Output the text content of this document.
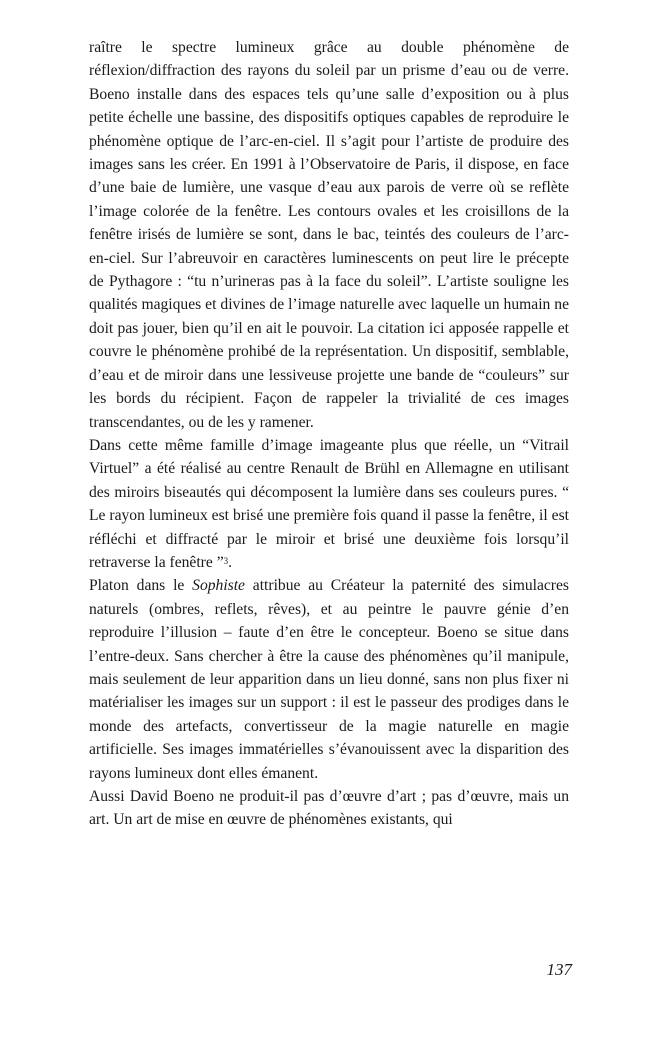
raître le spectre lumineux grâce au double phénomène de réflexion/diffraction des rayons du soleil par un prisme d’eau ou de verre. Boeno installe dans des espaces tels qu’une salle d’exposition ou à plus petite échelle une bassine, des dispositifs optiques capables de reproduire le phénomène optique de l’arc-en-ciel. Il s’agit pour l’artiste de produire des images sans les créer. En 1991 à l’Observatoire de Paris, il dispose, en face d’une baie de lumière, une vasque d’eau aux parois de verre où se reflète l’image colorée de la fenêtre. Les contours ovales et les croisillons de la fenêtre irisés de lumière se sont, dans le bac, teintés des couleurs de l’arc-en-ciel. Sur l’abreuvoir en caractères luminescents on peut lire le précepte de Pythagore : “tu n’urineras pas à la face du soleil”. L’artiste souligne les qualités magiques et divines de l’image naturelle avec laquelle un humain ne doit pas jouer, bien qu’il en ait le pouvoir. La citation ici apposée rappelle et couvre le phénomène prohibé de la représentation. Un dispositif, semblable, d’eau et de miroir dans une lessiveuse projette une bande de “couleurs” sur les bords du récipient. Façon de rappeler la trivialité de ces images transcendantes, ou de les y ramener.

Dans cette même famille d’image imageante plus que réelle, un “Vitrail Virtuel” a été réalisé au centre Renault de Brühl en Allemagne en utilisant des miroirs biseautés qui décomposent la lumière dans ses couleurs pures. “ Le rayon lumineux est brisé une première fois quand il passe la fenêtre, il est réfléchi et diffracté par le miroir et brisé une deuxième fois lorsqu’il retraverse la fenêtre ”$^3$.

Platon dans le Sophiste attribue au Créateur la paternité des simulacres naturels (ombres, reflets, rêves), et au peintre le pauvre génie d’en reproduire l’illusion – faute d’en être le concepteur. Boeno se situe dans l’entre-deux. Sans chercher à être la cause des phénomènes qu’il manipule, mais seulement de leur apparition dans un lieu donné, sans non plus fixer ni matérialiser les images sur un support : il est le passeur des prodiges dans le monde des artefacts, convertisseur de la magie naturelle en magie artificielle. Ses images immatérielles s’évanouissent avec la disparition des rayons lumineux dont elles émanent.

Aussi David Boeno ne produit-il pas d’œuvre d’art ; pas d’œuvre, mais un art. Un art de mise en œuvre de phénomènes existants, qui

137
